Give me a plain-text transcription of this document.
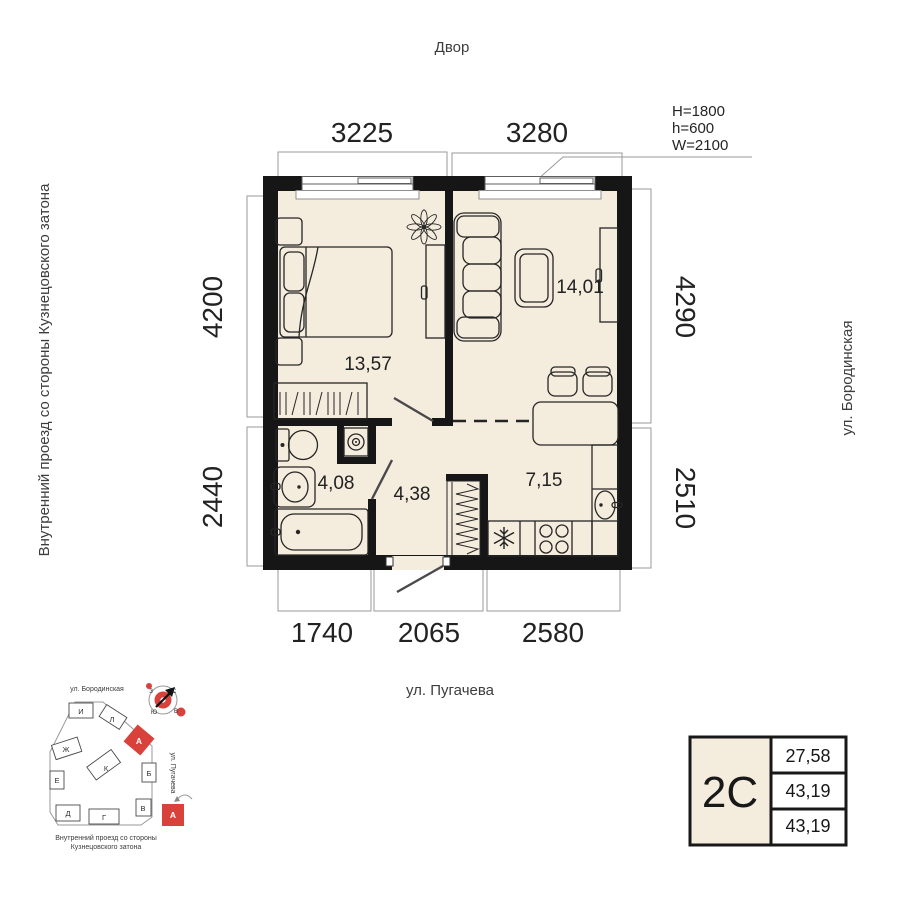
Двор
ул. Пугачева
ул. Бородинская
Внутренний проезд со стороны Кузнецовского затона
H=1800
h=600
W=2100
3225	3280
4200
2440
4290
2510
1740 2065 2580
13,57
14,01
7,15
4,38
4,08
ул. Бородинская
ул. Пугачева
Внутренний проезд со стороны
Кузнецовского затона
И
Л
А
Ж
К
Б
Е
Д	Г
В
А
С
З
Ю	В
2С
27,58
43,19
43,19
